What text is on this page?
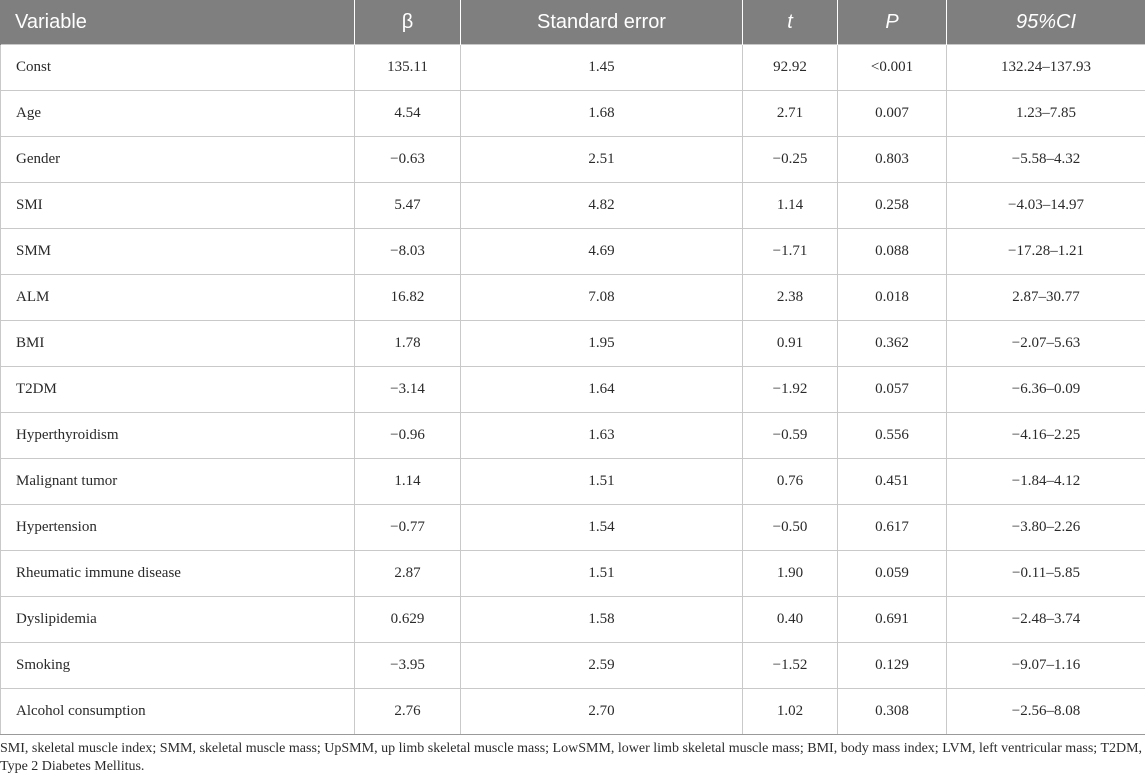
Variable	β	Standard error	t	P	95%CI
Const	135.11	1.45	92.92	<0.001	132.24–137.93
Age	4.54	1.68	2.71	0.007	1.23–7.85
Gender	−0.63	2.51	−0.25	0.803	−5.58–4.32
SMI	5.47	4.82	1.14	0.258	−4.03–14.97
SMM	−8.03	4.69	−1.71	0.088	−17.28–1.21
ALM	16.82	7.08	2.38	0.018	2.87–30.77
BMI	1.78	1.95	0.91	0.362	−2.07–5.63
T2DM	−3.14	1.64	−1.92	0.057	−6.36–0.09
Hyperthyroidism	−0.96	1.63	−0.59	0.556	−4.16–2.25
Malignant tumor	1.14	1.51	0.76	0.451	−1.84–4.12
Hypertension	−0.77	1.54	−0.50	0.617	−3.80–2.26
Rheumatic immune disease	2.87	1.51	1.90	0.059	−0.11–5.85
Dyslipidemia	0.629	1.58	0.40	0.691	−2.48–3.74
Smoking	−3.95	2.59	−1.52	0.129	−9.07–1.16
Alcohol consumption	2.76	2.70	1.02	0.308	−2.56–8.08

SMI, skeletal muscle index; SMM, skeletal muscle mass; UpSMM, up limb skeletal muscle mass; LowSMM, lower limb skeletal muscle mass; BMI, body mass index; LVM, left ventricular mass; T2DM, Type 2 Diabetes Mellitus.
